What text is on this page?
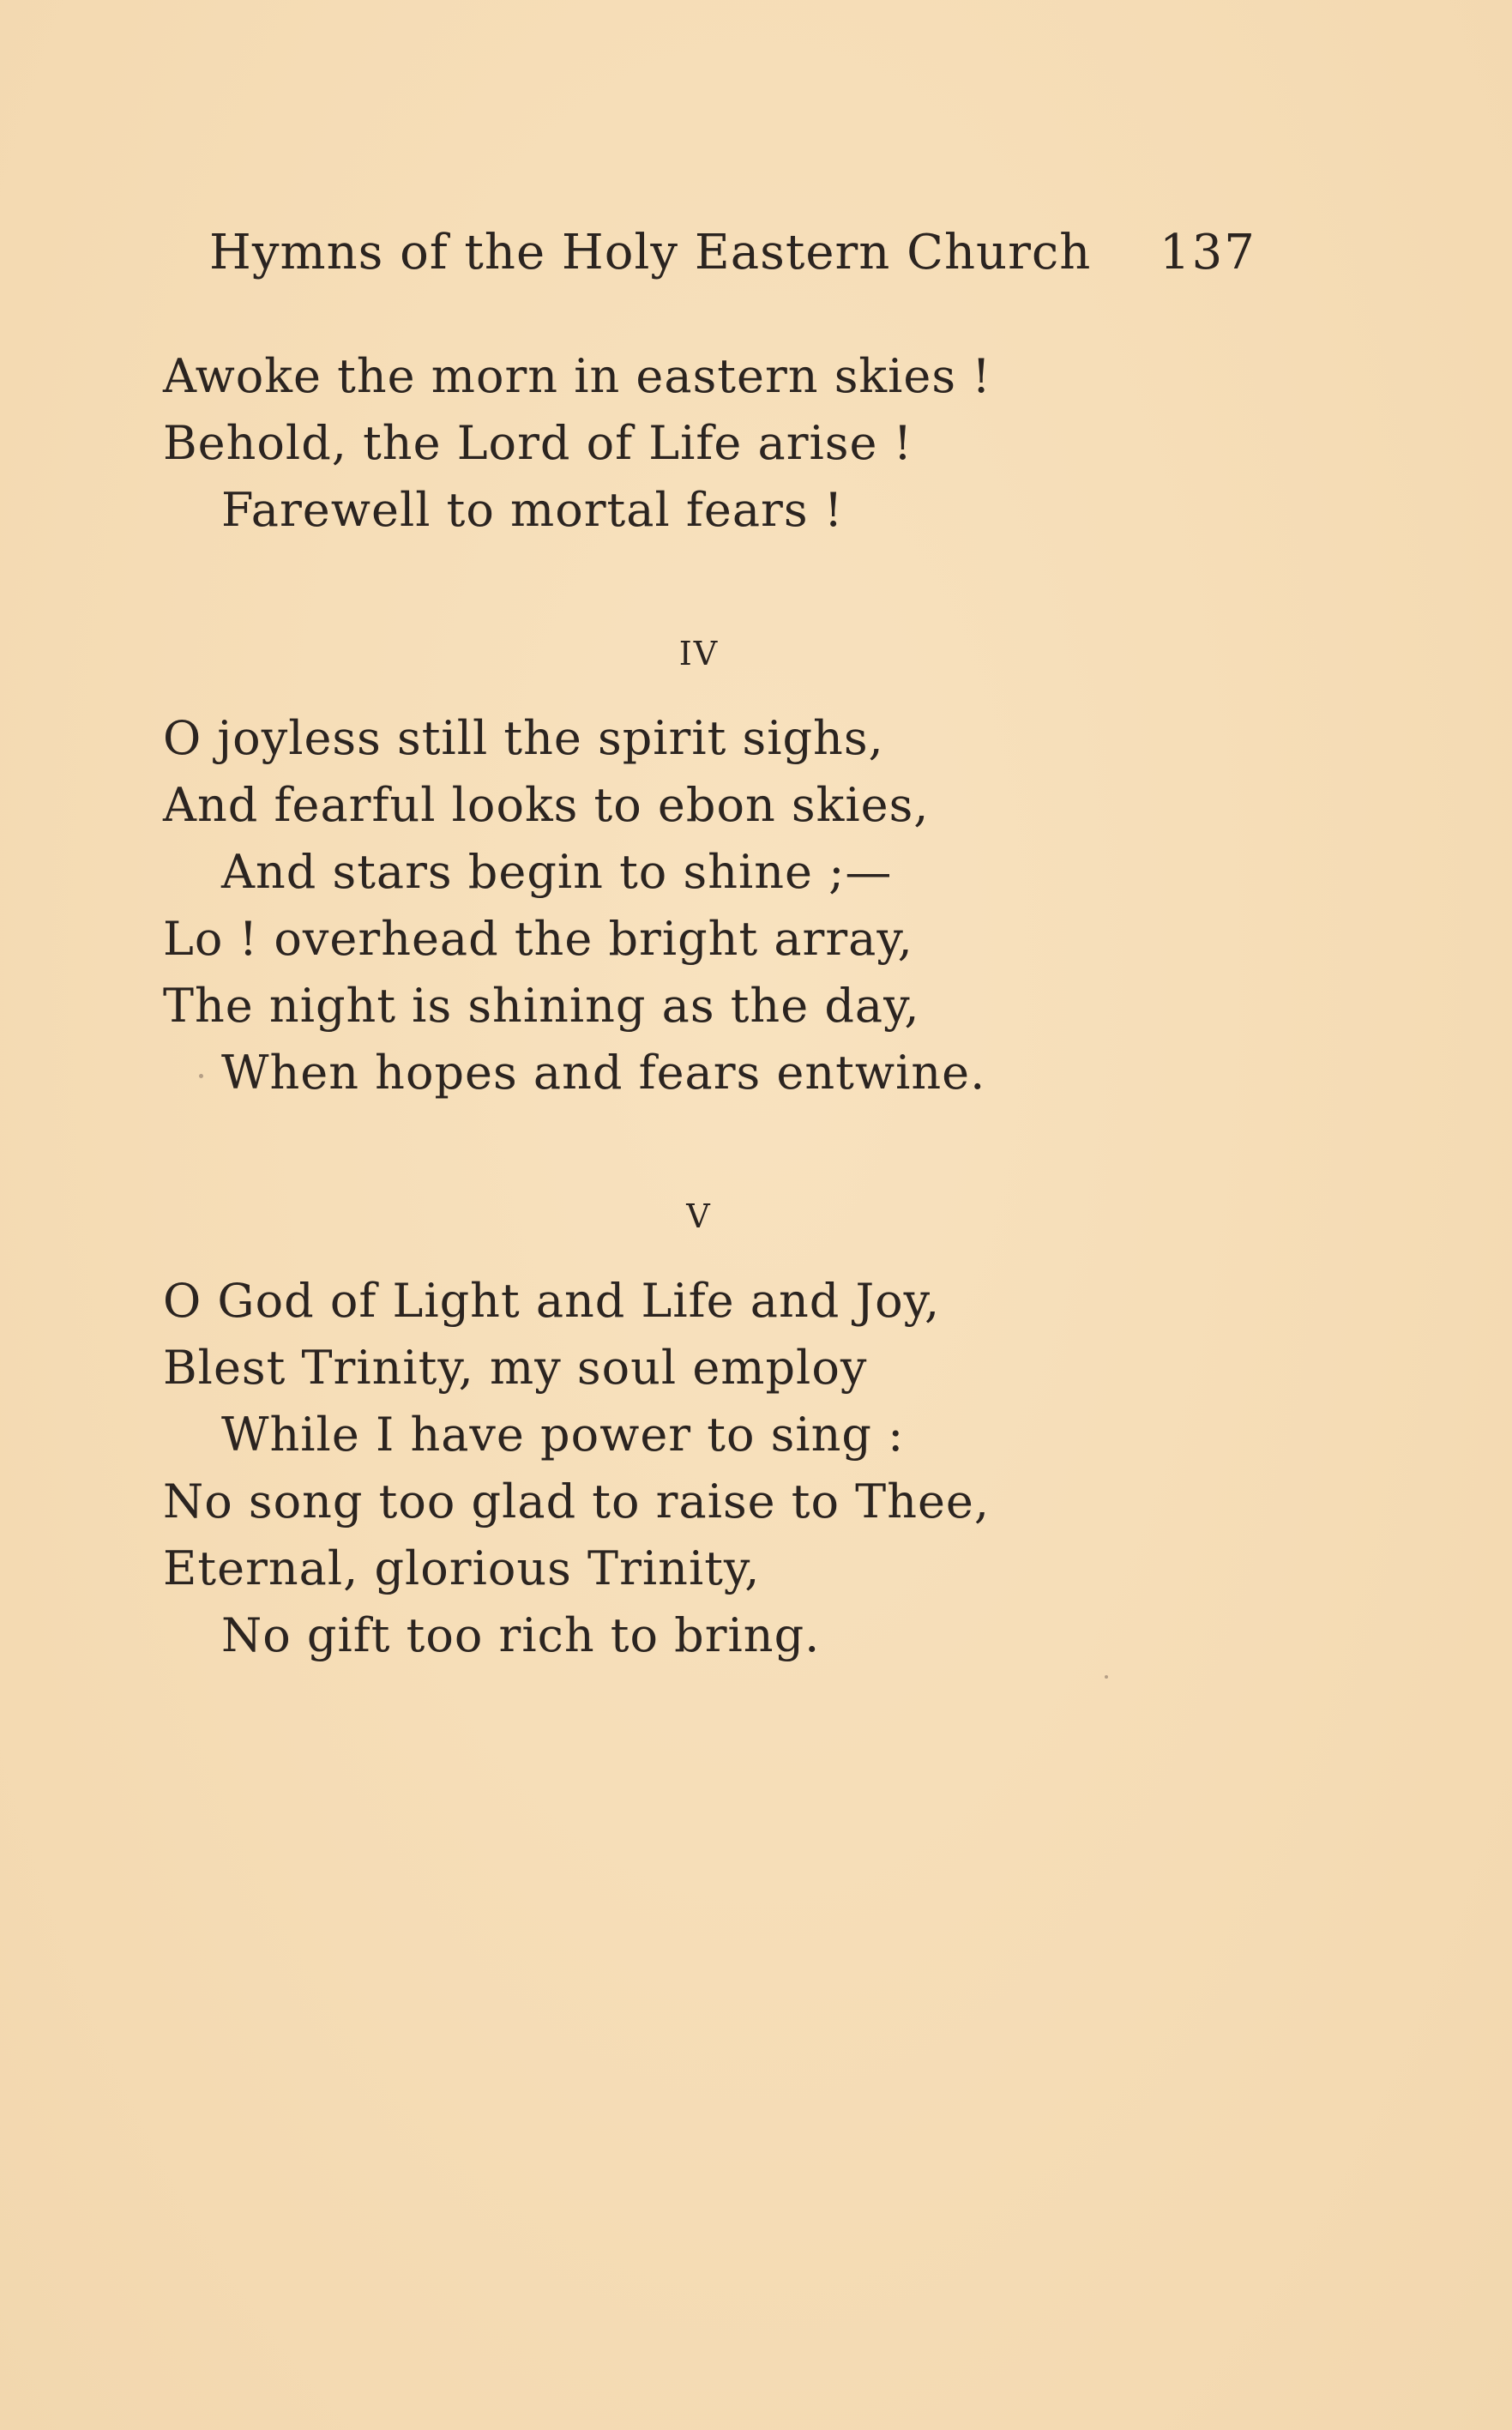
Hymns of the Holy Eastern Church 137
Awoke the morn in eastern skies !
Behold, the Lord of Life arise !
Farewell to mortal fears !
IV
O joyless still the spirit sighs,
And fearful looks to ebon skies,
And stars begin to shine ;—
Lo ! overhead the bright array,
The night is shining as the day,
When hopes and fears entwine.
V
O God of Light and Life and Joy,
Blest Trinity, my soul employ
While I have power to sing :
No song too glad to raise to Thee,
Eternal, glorious Trinity,
No gift too rich to bring.
